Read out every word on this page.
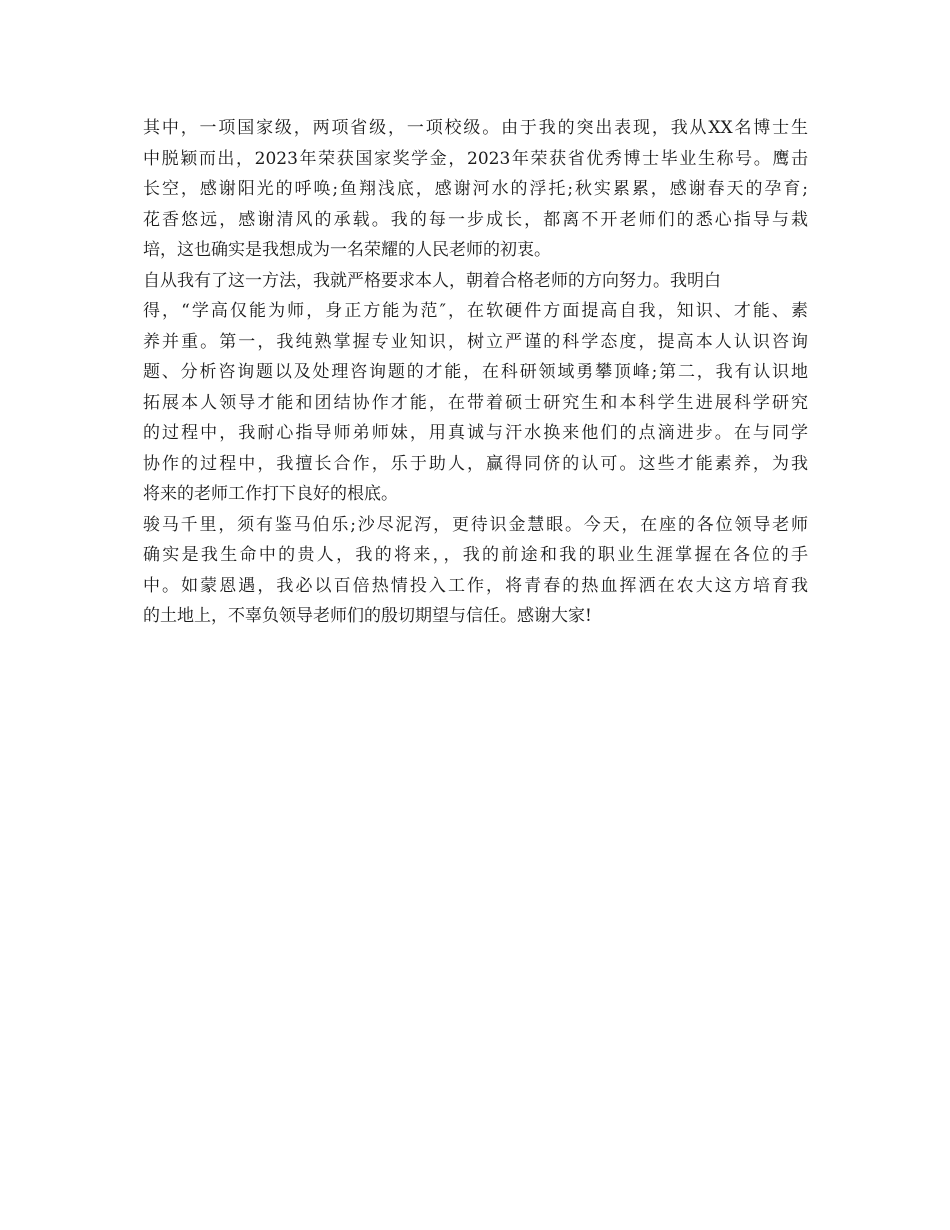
其中，一项国家级，两项省级，一项校级。由于我的突出表现，我从XX名博士生
中脱颖而出，2023年荣获国家奖学金，2023年荣获省优秀博士毕业生称号。鹰击
长空，感谢阳光的呼唤;鱼翔浅底，感谢河水的浮托;秋实累累，感谢春天的孕育;
花香悠远，感谢清风的承载。我的每一步成长，都离不开老师们的悉心指导与栽
培，这也确实是我想成为一名荣耀的人民老师的初衷。
自从我有了这一方法，我就严格要求本人，朝着合格老师的方向努力。我明白
得，“学高仅能为师，身正方能为范″，在软硬件方面提高自我，知识、才能、素
养并重。第一，我纯熟掌握专业知识，树立严谨的科学态度，提高本人认识咨询
题、分析咨询题以及处理咨询题的才能，在科研领域勇攀顶峰;第二，我有认识地
拓展本人领导才能和团结协作才能，在带着硕士研究生和本科学生进展科学研究
的过程中，我耐心指导师弟师妹，用真诚与汗水换来他们的点滴进步。在与同学
协作的过程中，我擅长合作，乐于助人，赢得同侪的认可。这些才能素养，为我
将来的老师工作打下良好的根底。
骏马千里，须有鉴马伯乐;沙尽泥泻，更待识金慧眼。今天，在座的各位领导老师
确实是我生命中的贵人，我的将来，，我的前途和我的职业生涯掌握在各位的手
中。如蒙恩遇，我必以百倍热情投入工作，将青春的热血挥洒在农大这方培育我
的土地上，不辜负领导老师们的殷切期望与信任。感谢大家!
